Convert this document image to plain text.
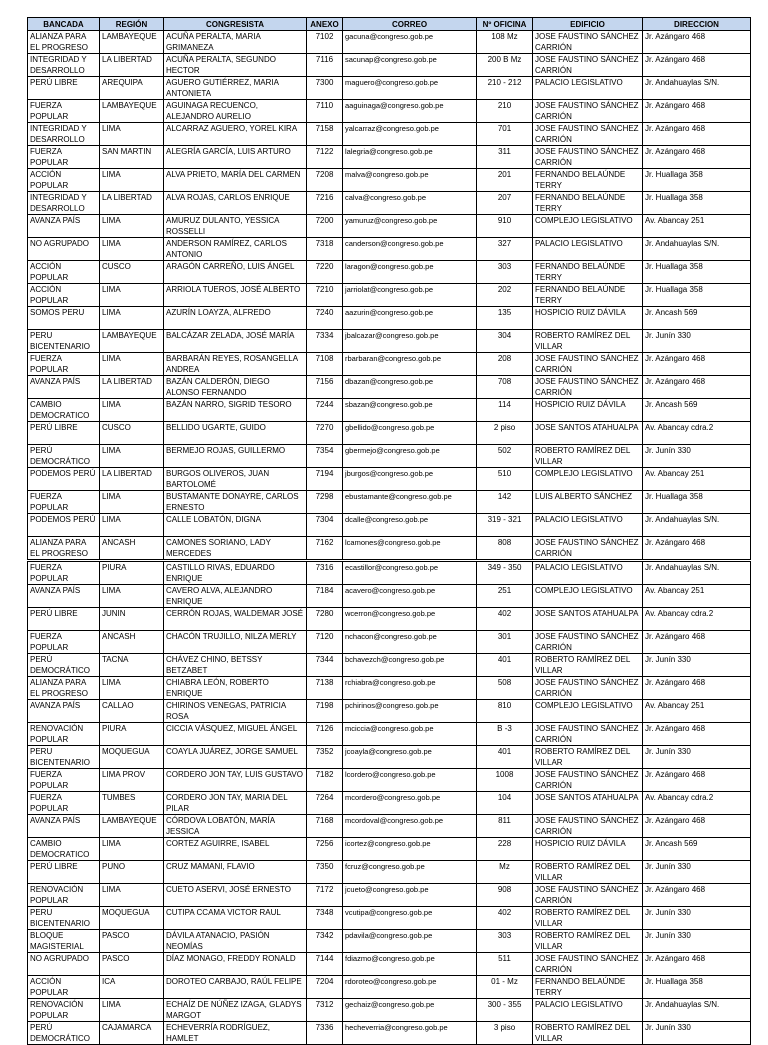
BANCADA	REGIÓN	CONGRESISTA	ANEXO	CORREO	Nº OFICINA	EDIFICIO	DIRECCION
ALIANZA PARA EL PROGRESO	LAMBAYEQUE	ACUÑA PERALTA, MARIA GRIMANEZA	7102	gacuna@congreso.gob.pe	108 Mz	JOSE FAUSTINO SÁNCHEZ CARRIÓN	Jr. Azángaro 468
INTEGRIDAD Y DESARROLLO	LA LIBERTAD	ACUÑA PERALTA, SEGUNDO HECTOR	7116	sacunap@congreso.gob.pe	200 B Mz	JOSE FAUSTINO SÁNCHEZ CARRIÓN	Jr. Azángaro 468
PERÚ LIBRE	AREQUIPA	AGUERO GUTIÉRREZ, MARIA ANTONIETA	7300	maguero@congreso.gob.pe	210 - 212	PALACIO LEGISLATIVO	Jr. Andahuaylas S/N.
FUERZA POPULAR	LAMBAYEQUE	AGUINAGA RECUENCO, ALEJANDRO AURELIO	7110	aaguinaga@congreso.gob.pe	210	JOSE FAUSTINO SÁNCHEZ CARRIÓN	Jr. Azángaro 468
INTEGRIDAD Y DESARROLLO	LIMA	ALCARRAZ AGUERO, YOREL KIRA	7158	yalcarraz@congreso.gob.pe	701	JOSE FAUSTINO SÁNCHEZ CARRIÓN	Jr. Azángaro 468
FUERZA POPULAR	SAN MARTIN	ALEGRÍA GARCÍA, LUIS ARTURO	7122	lalegria@congreso.gob.pe	311	JOSE FAUSTINO SÁNCHEZ CARRIÓN	Jr. Azángaro 468
ACCIÓN POPULAR	LIMA	ALVA PRIETO, MARÍA DEL CARMEN	7208	malva@congreso.gob.pe	201	FERNANDO BELAÚNDE TERRY	Jr. Huallaga 358
INTEGRIDAD Y DESARROLLO	LA LIBERTAD	ALVA ROJAS, CARLOS ENRIQUE	7216	calva@congreso.gob.pe	207	FERNANDO BELAÚNDE TERRY	Jr. Huallaga 358
AVANZA PAÍS	LIMA	AMURUZ DULANTO, YESSICA ROSSELLI	7200	yamuruz@congreso.gob.pe	910	COMPLEJO LEGISLATIVO	Av. Abancay 251
NO AGRUPADO	LIMA	ANDERSON RAMÍREZ, CARLOS ANTONIO	7318	canderson@congreso.gob.pe	327	PALACIO LEGISLATIVO	Jr. Andahuaylas S/N.
ACCIÓN POPULAR	CUSCO	ARAGÓN CARREÑO, LUIS ÁNGEL	7220	laragon@congreso.gob.pe	303	FERNANDO BELAÚNDE TERRY	Jr. Huallaga 358
ACCIÓN POPULAR	LIMA	ARRIOLA TUEROS, JOSÉ ALBERTO	7210	jarriolat@congreso.gob.pe	202	FERNANDO BELAÚNDE TERRY	Jr. Huallaga 358
SOMOS PERU	LIMA	AZURÍN LOAYZA, ALFREDO	7240	aazurin@congreso.gob.pe	135	HOSPICIO RUIZ DÁVILA	Jr. Ancash 569
PERU BICENTENARIO	LAMBAYEQUE	BALCÁZAR ZELADA, JOSÉ MARÍA	7334	jbalcazar@congreso.gob.pe	304	ROBERTO RAMÍREZ DEL VILLAR	Jr. Junín 330
FUERZA POPULAR	LIMA	BARBARÁN REYES, ROSANGELLA ANDREA	7108	rbarbaran@congreso.gob.pe	208	JOSE FAUSTINO SÁNCHEZ CARRIÓN	Jr. Azángaro 468
AVANZA PAÍS	LA LIBERTAD	BAZÁN CALDERÓN, DIEGO ALONSO FERNANDO	7156	dbazan@congreso.gob.pe	708	JOSE FAUSTINO SÁNCHEZ CARRIÓN	Jr. Azángaro 468
CAMBIO DEMOCRATICO	LIMA	BAZÁN NARRO, SIGRID TESORO	7244	sbazan@congreso.gob.pe	114	HOSPICIO RUIZ DÁVILA	Jr. Ancash 569
PERÚ LIBRE	CUSCO	BELLIDO UGARTE, GUIDO	7270	gbellido@congreso.gob.pe	2 piso	JOSE SANTOS ATAHUALPA	Av. Abancay cdra.2
PERÚ DEMOCRÁTICO	LIMA	BERMEJO ROJAS, GUILLERMO	7354	gbermejo@congreso.gob.pe	502	ROBERTO RAMÍREZ DEL VILLAR	Jr. Junín 330
PODEMOS PERÚ	LA LIBERTAD	BURGOS OLIVEROS, JUAN BARTOLOMÉ	7194	jburgos@congreso.gob.pe	510	COMPLEJO LEGISLATIVO	Av. Abancay 251
FUERZA POPULAR	LIMA	BUSTAMANTE DONAYRE, CARLOS ERNESTO	7298	ebustamante@congreso.gob.pe	142	LUIS ALBERTO SÁNCHEZ	Jr. Huallaga 358
PODEMOS PERÚ	LIMA	CALLE LOBATÓN, DIGNA	7304	dcalle@congreso.gob.pe	319 - 321	PALACIO LEGISLATIVO	Jr. Andahuaylas S/N.
ALIANZA PARA EL PROGRESO	ANCASH	CAMONES SORIANO, LADY MERCEDES	7162	lcamones@congreso.gob.pe	808	JOSE FAUSTINO SÁNCHEZ CARRIÓN	Jr. Azángaro 468
FUERZA POPULAR	PIURA	CASTILLO RIVAS, EDUARDO ENRIQUE	7316	ecastillor@congreso.gob.pe	349 - 350	PALACIO LEGISLATIVO	Jr. Andahuaylas S/N.
AVANZA PAÍS	LIMA	CAVERO ALVA, ALEJANDRO ENRIQUE	7184	acavero@congreso.gob.pe	251	COMPLEJO LEGISLATIVO	Av. Abancay 251
PERÚ LIBRE	JUNIN	CERRÓN ROJAS, WALDEMAR JOSÉ	7280	wcerron@congreso.gob.pe	402	JOSE SANTOS ATAHUALPA	Av. Abancay cdra.2
FUERZA POPULAR	ANCASH	CHACÓN TRUJILLO, NILZA MERLY	7120	nchacon@congreso.gob.pe	301	JOSE FAUSTINO SÁNCHEZ CARRIÓN	Jr. Azángaro 468
PERÚ DEMOCRÁTICO	TACNA	CHÁVEZ CHINO, BETSSY BETZABET	7344	bchavezch@congreso.gob.pe	401	ROBERTO RAMÍREZ DEL VILLAR	Jr. Junín 330
ALIANZA PARA EL PROGRESO	LIMA	CHIABRA LEÓN, ROBERTO ENRIQUE	7138	rchiabra@congreso.gob.pe	508	JOSE FAUSTINO SÁNCHEZ CARRIÓN	Jr. Azángaro 468
AVANZA PAÍS	CALLAO	CHIRINOS VENEGAS, PATRICIA ROSA	7198	pchirinos@congreso.gob.pe	810	COMPLEJO LEGISLATIVO	Av. Abancay 251
RENOVACIÓN POPULAR	PIURA	CICCIA VÁSQUEZ, MIGUEL ÁNGEL	7126	mciccia@congreso.gob.pe	B -3	JOSE FAUSTINO SÁNCHEZ CARRIÓN	Jr. Azángaro 468
PERU BICENTENARIO	MOQUEGUA	COAYLA JUÁREZ, JORGE SAMUEL	7352	jcoayla@congreso.gob.pe	401	ROBERTO RAMÍREZ DEL VILLAR	Jr. Junín 330
FUERZA POPULAR	LIMA PROV	CORDERO JON TAY, LUIS GUSTAVO	7182	lcordero@congreso.gob.pe	1008	JOSE FAUSTINO SÁNCHEZ CARRIÓN	Jr. Azángaro 468
FUERZA POPULAR	TUMBES	CORDERO JON TAY, MARIA DEL PILAR	7264	mcordero@congreso.gob.pe	104	JOSE SANTOS ATAHUALPA	Av. Abancay cdra.2
AVANZA PAÍS	LAMBAYEQUE	CÓRDOVA LOBATÓN, MARÍA JESSICA	7168	mcordoval@congreso.gob.pe	811	JOSE FAUSTINO SÁNCHEZ CARRIÓN	Jr. Azángaro 468
CAMBIO DEMOCRATICO	LIMA	CORTEZ AGUIRRE, ISABEL	7256	icortez@congreso.gob.pe	228	HOSPICIO RUIZ DÁVILA	Jr. Ancash 569
PERÚ LIBRE	PUNO	CRUZ MAMANI, FLAVIO	7350	fcruz@congreso.gob.pe	Mz	ROBERTO RAMÍREZ DEL VILLAR	Jr. Junín 330
RENOVACIÓN POPULAR	LIMA	CUETO ASERVI, JOSÉ ERNESTO	7172	jcueto@congreso.gob.pe	908	JOSE FAUSTINO SÁNCHEZ CARRIÓN	Jr. Azángaro 468
PERU BICENTENARIO	MOQUEGUA	CUTIPA CCAMA VICTOR RAUL	7348	vcutipa@congreso.gob.pe	402	ROBERTO RAMÍREZ DEL VILLAR	Jr. Junín 330
BLOQUE MAGISTERIAL	PASCO	DÁVILA ATANACIO, PASIÓN NEOMÍAS	7342	pdavila@congreso.gob.pe	303	ROBERTO RAMÍREZ DEL VILLAR	Jr. Junín 330
NO AGRUPADO	PASCO	DÍAZ MONAGO, FREDDY RONALD	7144	fdiazmo@congreso.gob.pe	511	JOSE FAUSTINO SÁNCHEZ CARRIÓN	Jr. Azángaro 468
ACCIÓN POPULAR	ICA	DOROTEO CARBAJO, RAÚL FELIPE	7204	rdoroteo@congreso.gob.pe	01 - Mz	FERNANDO BELAÚNDE TERRY	Jr. Huallaga 358
RENOVACIÓN POPULAR	LIMA	ECHAÍZ DE NÚÑEZ IZAGA, GLADYS MARGOT	7312	gechaiz@congreso.gob.pe	300 - 355	PALACIO LEGISLATIVO	Jr. Andahuaylas S/N.
PERÚ DEMOCRÁTICO	CAJAMARCA	ECHEVERRÍA RODRÍGUEZ, HAMLET	7336	hecheverria@congreso.gob.pe	3 piso	ROBERTO RAMÍREZ DEL VILLAR	Jr. Junín 330
